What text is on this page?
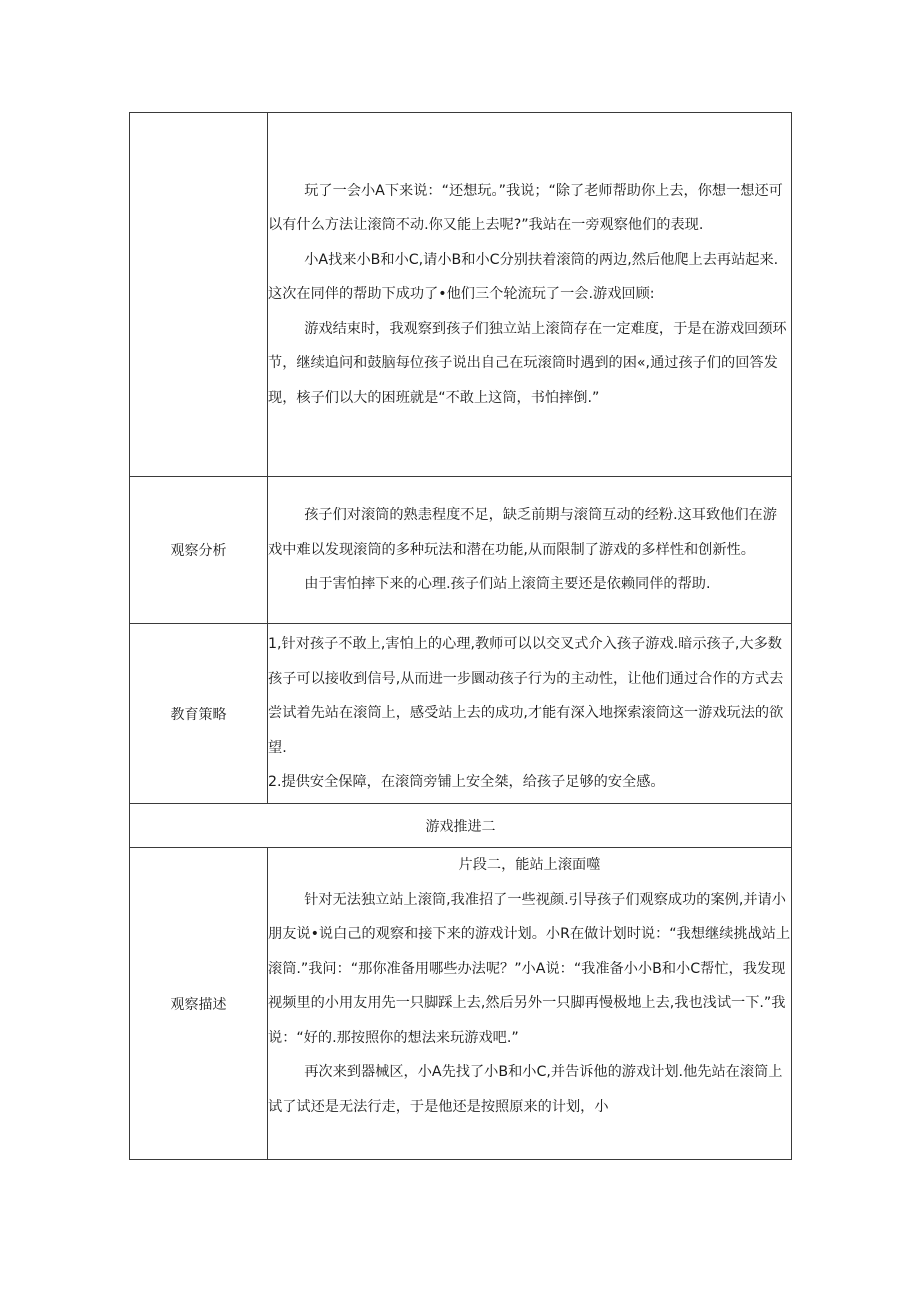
	玩了一会小A下来说：“还想玩。”我说；“除了老师帮助你上去，你想一想还可以有什么方法让滚筒不动.你又能上去呢?”我站在一旁观察他们的表现.

小A找来小B和小C,请小B和小C分别扶着滚筒的两边,然后他爬上去再站起来.这次在同伴的帮助下成功了•他们三个轮流玩了一会.游戏回顾:

游戏结束时，我观察到孩子们独立站上滚筒存在一定难度，于是在游戏回颈环节，继续追问和鼓脑每位孩子说出自己在玩滚筒时遇到的困«,通过孩子们的回答发现，核子们以大的困班就是“不敢上这筒，书怕摔倒.”

观察分析	孩子们对滚筒的熟恚程度不足，缺乏前期与滚筒互动的经粉.这耳致他们在游戏中难以发现滚筒的多种玩法和潜在功能,从而限制了游戏的多样性和创新性。

由于害怕摔下来的心理.孩子们站上滚筒主要还是依赖同伴的帮助.

教育策略	1,针对孩子不敢上,害怕上的心理,教师可以以交叉式介入孩子游戏.暗示孩子,大多数孩子可以接收到信号,从而进一步圜动孩子行为的主动性，让他们通过合作的方式去尝试着先站在滚筒上，感受站上去的成功,才能有深入地探索滚筒这一游戏玩法的欲望.

2.提供安全保障，在滚筒旁铺上安全桀，给孩子足够的安全感。

游戏推进二	
观察描述	片段二，能站上滚面噬

针对无法独立站上滚筒,我准招了一些视颜.引导孩子们观察成功的案例,并请小朋友说•说白己的观察和接下来的游戏计划。小R在做计划时说：“我想继续挑战站上滚筒.”我问：“那你准备用哪些办法呢？”小A说：“我准备小小B和小C帮忙，我发现视频里的小用友用先一只脚踩上去,然后另外一只脚再慢极地上去,我也浅试一下.”我说：“好的.那按照你的想法来玩游戏吧.”

再次来到器械区，小A先找了小B和小C,并告诉他的游戏计划.他先站在滚筒上试了试还是无法行走，于是他还是按照原来的计划，小
